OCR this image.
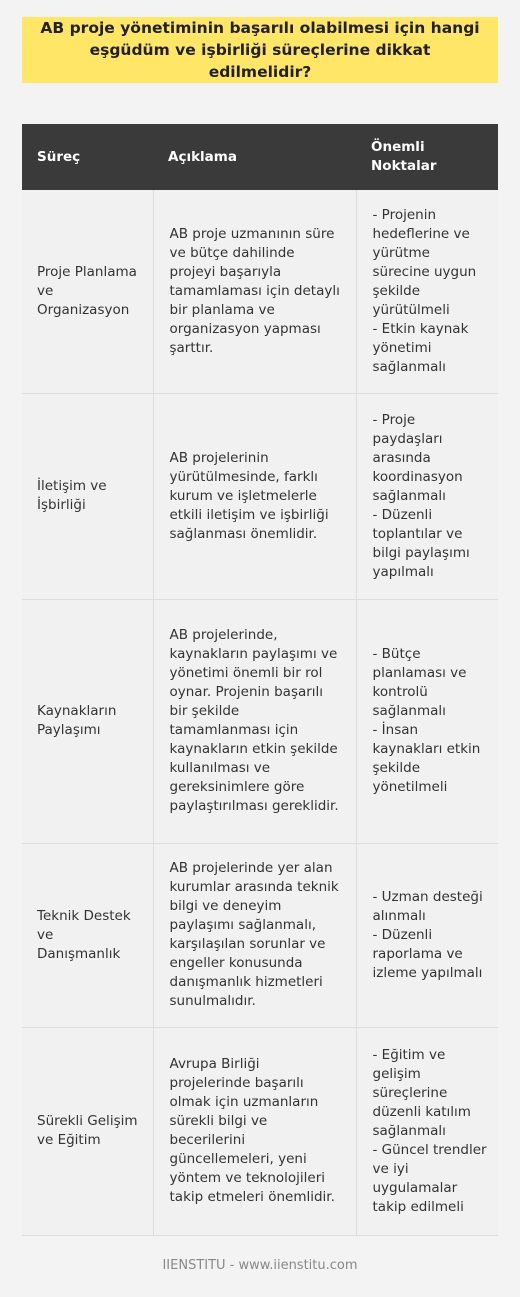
AB proje yönetiminin başarılı olabilmesi için hangi eşgüdüm ve işbirliği süreçlerine dikkat edilmelidir?
Süreç	Açıklama	Önemli Noktalar
Proje Planlama ve Organizasyon	AB proje uzmanının süre ve bütçe dahilinde projeyi başarıyla tamamlaması için detaylı bir planlama ve organizasyon yapması şarttır.	- Projenin hedeflerine ve yürütme sürecine uygun şekilde yürütülmeli
- Etkin kaynak yönetimi sağlanmalı

İletişim ve İşbirliği	AB projelerinin yürütülmesinde, farklı kurum ve işletmelerle etkili iletişim ve işbirliği sağlanması önemlidir.	- Proje paydaşları arasında koordinasyon sağlanmalı
- Düzenli toplantılar ve bilgi paylaşımı yapılmalı

Kaynakların Paylaşımı	AB projelerinde, kaynakların paylaşımı ve yönetimi önemli bir rol oynar. Projenin başarılı bir şekilde tamamlanması için kaynakların etkin şekilde kullanılması ve gereksinimlere göre paylaştırılması gereklidir.	- Bütçe planlaması ve kontrolü sağlanmalı
- İnsan kaynakları etkin şekilde yönetilmeli

Teknik Destek ve Danışmanlık	AB projelerinde yer alan kurumlar arasında teknik bilgi ve deneyim paylaşımı sağlanmalı, karşılaşılan sorunlar ve engeller konusunda danışmanlık hizmetleri sunulmalıdır.	- Uzman desteği alınmalı
- Düzenli raporlama ve izleme yapılmalı

Sürekli Gelişim ve Eğitim	Avrupa Birliği projelerinde başarılı olmak için uzmanların sürekli bilgi ve becerilerini güncellemeleri, yeni yöntem ve teknolojileri takip etmeleri önemlidir.	- Eğitim ve gelişim süreçlerine düzenli katılım sağlanmalı
- Güncel trendler ve iyi uygulamalar takip edilmeli
IIENSTITU - www.iienstitu.com
